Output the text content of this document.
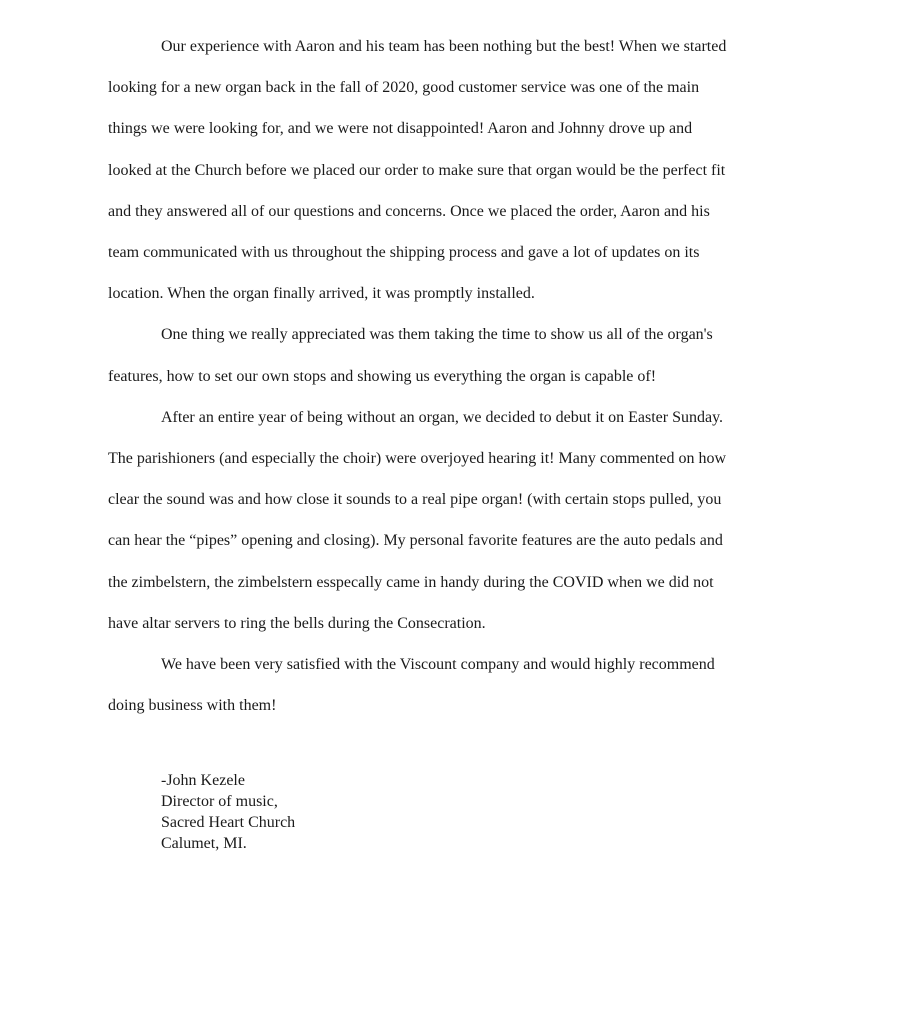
Our experience with Aaron and his team has been nothing but the best! When we started
looking for a new organ back in the fall of 2020, good customer service was one of the main
things we were looking for, and we were not disappointed! Aaron and Johnny drove up and
looked at the Church before we placed our order to make sure that organ would be the perfect fit
and they answered all of our questions and concerns. Once we placed the order, Aaron and his
team communicated with us throughout the shipping process and gave a lot of updates on its
location. When the organ finally arrived, it was promptly installed.

One thing we really appreciated was them taking the time to show us all of the organ's
features, how to set our own stops and showing us everything the organ is capable of!

After an entire year of being without an organ, we decided to debut it on Easter Sunday.
The parishioners (and especially the choir) were overjoyed hearing it! Many commented on how
clear the sound was and how close it sounds to a real pipe organ! (with certain stops pulled, you
can hear the “pipes” opening and closing). My personal favorite features are the auto pedals and
the zimbelstern, the zimbelstern esspecally came in handy during the COVID when we did not
have altar servers to ring the bells during the Consecration.

We have been very satisfied with the Viscount company and would highly recommend
doing business with them!

-John Kezele
Director of music,
Sacred Heart Church
Calumet, MI.
